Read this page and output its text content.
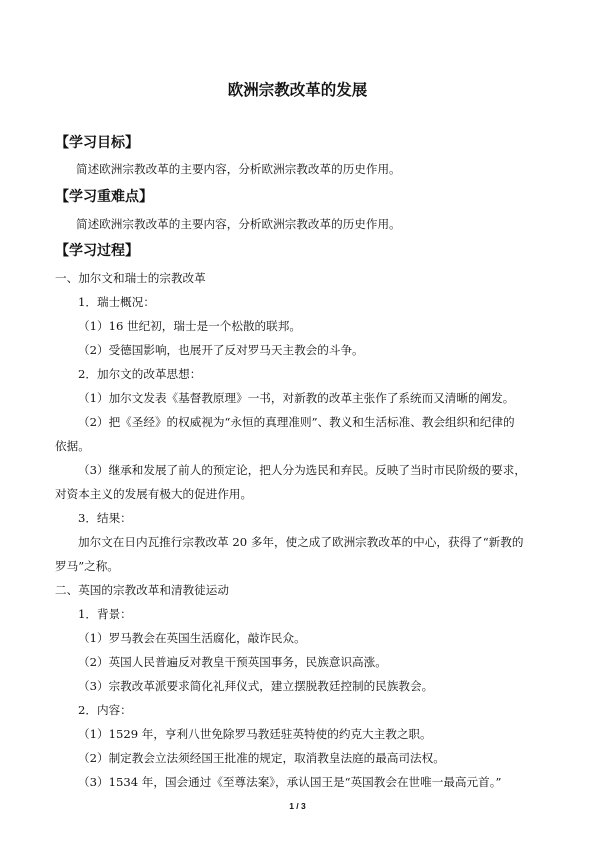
欧洲宗教改革的发展
【学习目标】
简述欧洲宗教改革的主要内容，分析欧洲宗教改革的历史作用。
【学习重难点】
简述欧洲宗教改革的主要内容，分析欧洲宗教改革的历史作用。
【学习过程】
一、加尔文和瑞士的宗教改革
1．瑞士概况：
（1）16 世纪初，瑞士是一个松散的联邦。
（2）受德国影响，也展开了反对罗马天主教会的斗争。
2．加尔文的改革思想：
（1）加尔文发表《基督教原理》一书，对新教的改革主张作了系统而又清晰的阐发。
（2）把《圣经》的权威视为“永恒的真理准则”、教义和生活标准、教会组织和纪律的
依据。
（3）继承和发展了前人的预定论，把人分为选民和弃民。反映了当时市民阶级的要求，
对资本主义的发展有极大的促进作用。
3．结果：
加尔文在日内瓦推行宗教改革 20 多年，使之成了欧洲宗教改革的中心，获得了“新教的
罗马”之称。
二、英国的宗教改革和清教徒运动
1．背景：
（1）罗马教会在英国生活腐化，敲诈民众。
（2）英国人民普遍反对教皇干预英国事务，民族意识高涨。
（3）宗教改革派要求简化礼拜仪式，建立摆脱教廷控制的民族教会。
2．内容：
（1）1529 年，亨利八世免除罗马教廷驻英特使的约克大主教之职。
（2）制定教会立法须经国王批准的规定，取消教皇法庭的最高司法权。
（3）1534 年，国会通过《至尊法案》，承认国王是“英国教会在世唯一最高元首。”
1 / 3
